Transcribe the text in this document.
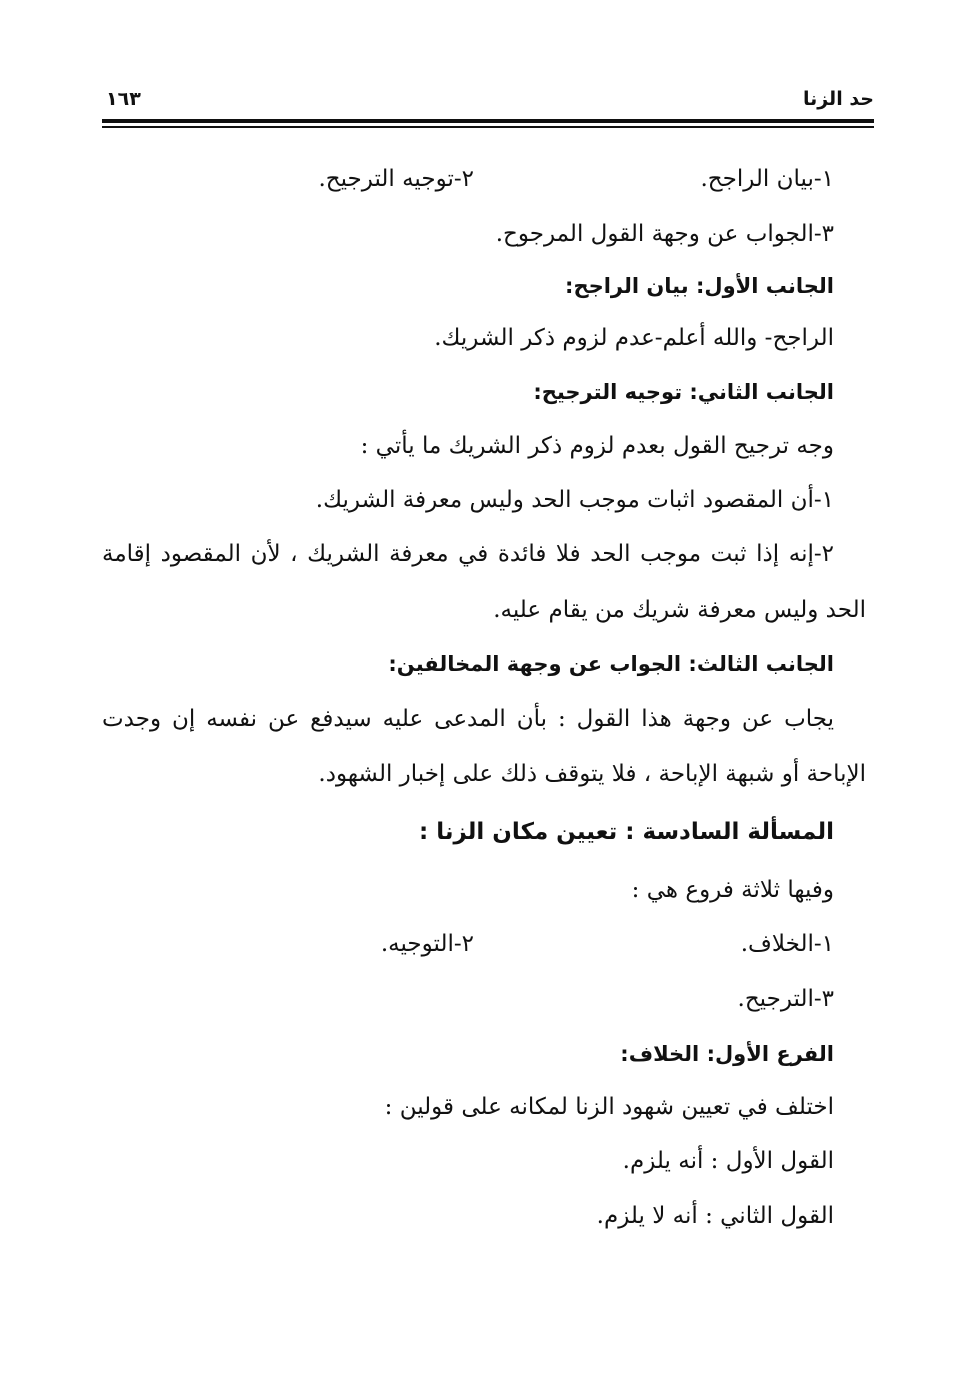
حد الزنا
١٦٣
١-بيان الراجح.
٢-توجيه الترجيح.
٣-الجواب عن وجهة القول المرجوح.
الجانب الأول: بيان الراجح:
الراجح- والله أعلم-عدم لزوم ذكر الشريك.
الجانب الثاني: توجيه الترجيح:
وجه ترجيح القول بعدم لزوم ذكر الشريك ما يأتي :
١-أن المقصود اثبات موجب الحد وليس معرفة الشريك.
٢-إنه إذا ثبت موجب الحد فلا فائدة في معرفة الشريك ، لأن المقصود إقامة
الحد وليس معرفة شريك من يقام عليه.
الجانب الثالث: الجواب عن وجهة المخالفين:
يجاب عن وجهة هذا القول : بأن المدعى عليه سيدفع عن نفسه إن وجدت
الإباحة أو شبهة الإباحة ، فلا يتوقف ذلك على إخبار الشهود.
المسألة السادسة : تعيين مكان الزنا :
وفيها ثلاثة فروع هي :
١-الخلاف.
٢-التوجيه.
٣-الترجيح.
الفرع الأول: الخلاف:
اختلف في تعيين شهود الزنا لمكانه على قولين :
القول الأول : أنه يلزم.
القول الثاني : أنه لا يلزم.
